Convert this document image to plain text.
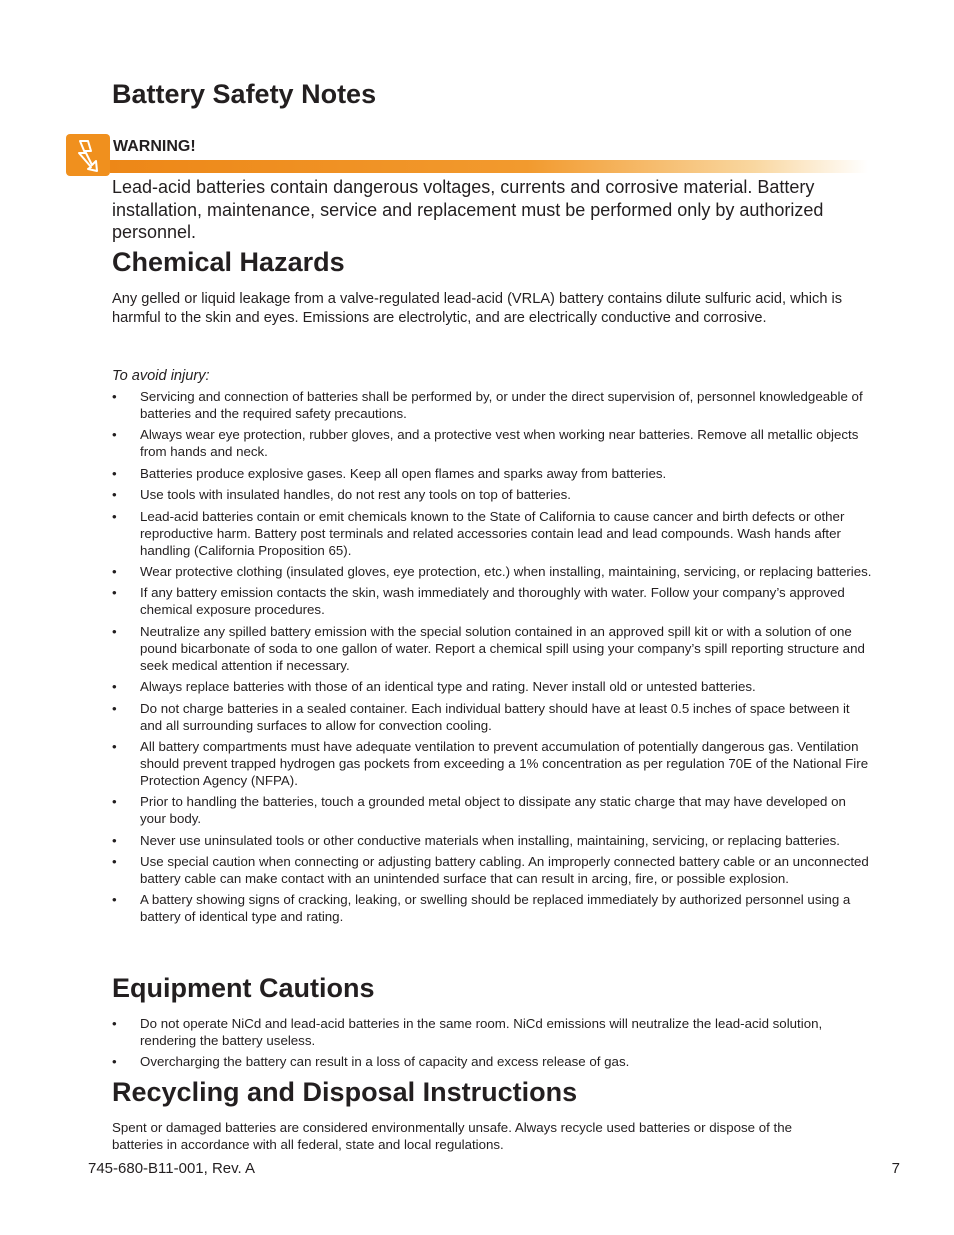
Battery Safety Notes
WARNING!

Lead-acid batteries contain dangerous voltages, currents and corrosive material. Battery installation, maintenance, service and replacement must be performed only by authorized personnel.

Chemical Hazards

Any gelled or liquid leakage from a valve-regulated lead-acid (VRLA) battery contains dilute sulfuric acid, which is harmful to the skin and eyes. Emissions are electrolytic, and are electrically conductive and corrosive.

To avoid injury:

• Servicing and connection of batteries shall be performed by, or under the direct supervision of, personnel knowledgeable of batteries and the required safety precautions.
• Always wear eye protection, rubber gloves, and a protective vest when working near batteries. Remove all metallic objects from hands and neck.
• Batteries produce explosive gases. Keep all open flames and sparks away from batteries.
• Use tools with insulated handles, do not rest any tools on top of batteries.
• Lead-acid batteries contain or emit chemicals known to the State of California to cause cancer and birth defects or other reproductive harm. Battery post terminals and related accessories contain lead and lead compounds. Wash hands after handling (California Proposition 65).
• Wear protective clothing (insulated gloves, eye protection, etc.) when installing, maintaining, servicing, or replacing batteries.
• If any battery emission contacts the skin, wash immediately and thoroughly with water. Follow your company’s approved chemical exposure procedures.
• Neutralize any spilled battery emission with the special solution contained in an approved spill kit or with a solution of one pound bicarbonate of soda to one gallon of water. Report a chemical spill using your company’s spill reporting structure and seek medical attention if necessary.
• Always replace batteries with those of an identical type and rating. Never install old or untested batteries.
• Do not charge batteries in a sealed container. Each individual battery should have at least 0.5 inches of space between it and all surrounding surfaces to allow for convection cooling.
• All battery compartments must have adequate ventilation to prevent accumulation of potentially dangerous gas. Ventilation should prevent trapped hydrogen gas pockets from exceeding a 1% concentration as per regulation 70E of the National Fire Protection Agency (NFPA).
• Prior to handling the batteries, touch a grounded metal object to dissipate any static charge that may have developed on your body.
• Never use uninsulated tools or other conductive materials when installing, maintaining, servicing, or replacing batteries.
• Use special caution when connecting or adjusting battery cabling. An improperly connected battery cable or an unconnected battery cable can make contact with an unintended surface that can result in arcing, fire, or possible explosion.
• A battery showing signs of cracking, leaking, or swelling should be replaced immediately by authorized personnel using a battery of identical type and rating.
Equipment Cautions
• Do not operate NiCd and lead-acid batteries in the same room. NiCd emissions will neutralize the lead-acid solution, rendering the battery useless.
• Overcharging the battery can result in a loss of capacity and excess release of gas.
Recycling and Disposal Instructions

Spent or damaged batteries are considered environmentally unsafe. Always recycle used batteries or dispose of the batteries in accordance with all federal, state and local regulations.

745-680-B11-001, Rev. A	7
